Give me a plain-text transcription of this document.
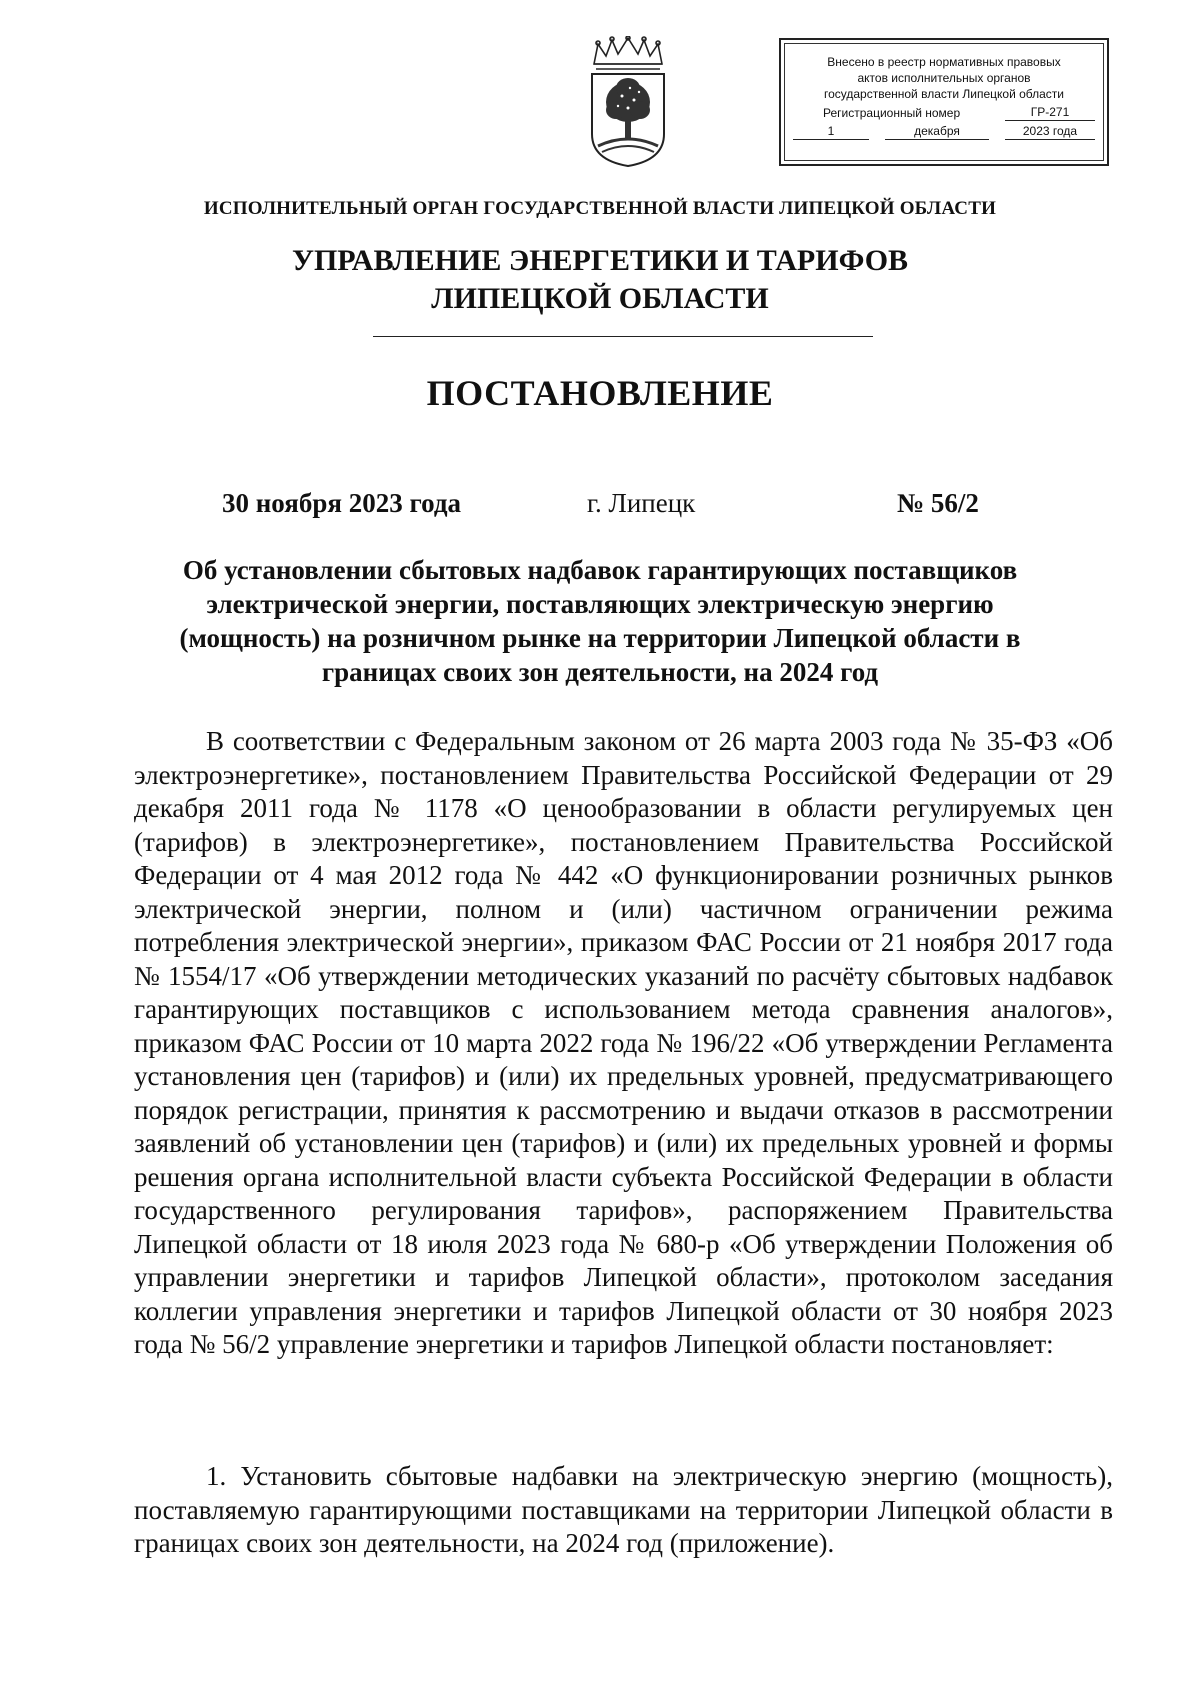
Внесено в реестр нормативных правовых
актов исполнительных органов
государственной власти Липецкой области
Регистрационный номер	ГР-271
1	декабря	2023 года
ИСПОЛНИТЕЛЬНЫЙ ОРГАН ГОСУДАРСТВЕННОЙ ВЛАСТИ ЛИПЕЦКОЙ ОБЛАСТИ
УПРАВЛЕНИЕ ЭНЕРГЕТИКИ И ТАРИФОВ
ЛИПЕЦКОЙ ОБЛАСТИ
ПОСТАНОВЛЕНИЕ
30 ноября 2023 года	г. Липецк	№ 56/2
Об установлении сбытовых надбавок гарантирующих поставщиков
электрической энергии, поставляющих электрическую энергию
(мощность) на розничном рынке на территории Липецкой области в
границах своих зон деятельности, на 2024 год

В соответствии с Федеральным законом от 26 марта 2003 года № 35-ФЗ «Об электроэнергетике», постановлением Правительства Российской Федерации от 29 декабря 2011 года № 1178 «О ценообразовании в области регулируемых цен (тарифов) в электроэнергетике», постановлением Правительства Российской Федерации от 4 мая 2012 года № 442 «О функционировании розничных рынков электрической энергии, полном и (или) частичном ограничении режима потребления электрической энергии», приказом ФАС России от 21 ноября 2017 года № 1554/17 «Об утверждении методических указаний по расчёту сбытовых надбавок гарантирующих поставщиков с использованием метода сравнения аналогов», приказом ФАС России от 10 марта 2022 года № 196/22 «Об утверждении Регламента установления цен (тарифов) и (или) их предельных уровней, предусматривающего порядок регистрации, принятия к рассмотрению и выдачи отказов в рассмотрении заявлений об установлении цен (тарифов) и (или) их предельных уровней и формы решения органа исполнительной власти субъекта Российской Федерации в области государственного регулирования тарифов», распоряжением Правительства Липецкой области от 18 июля 2023 года № 680-р «Об утверждении Положения об управлении энергетики и тарифов Липецкой области», протоколом заседания коллегии управления энергетики и тарифов Липецкой области от 30 ноября 2023 года № 56/2 управление энергетики и тарифов Липецкой области постановляет:

1. Установить сбытовые надбавки на электрическую энергию (мощность), поставляемую гарантирующими поставщиками на территории Липецкой области в границах своих зон деятельности, на 2024 год (приложение).
